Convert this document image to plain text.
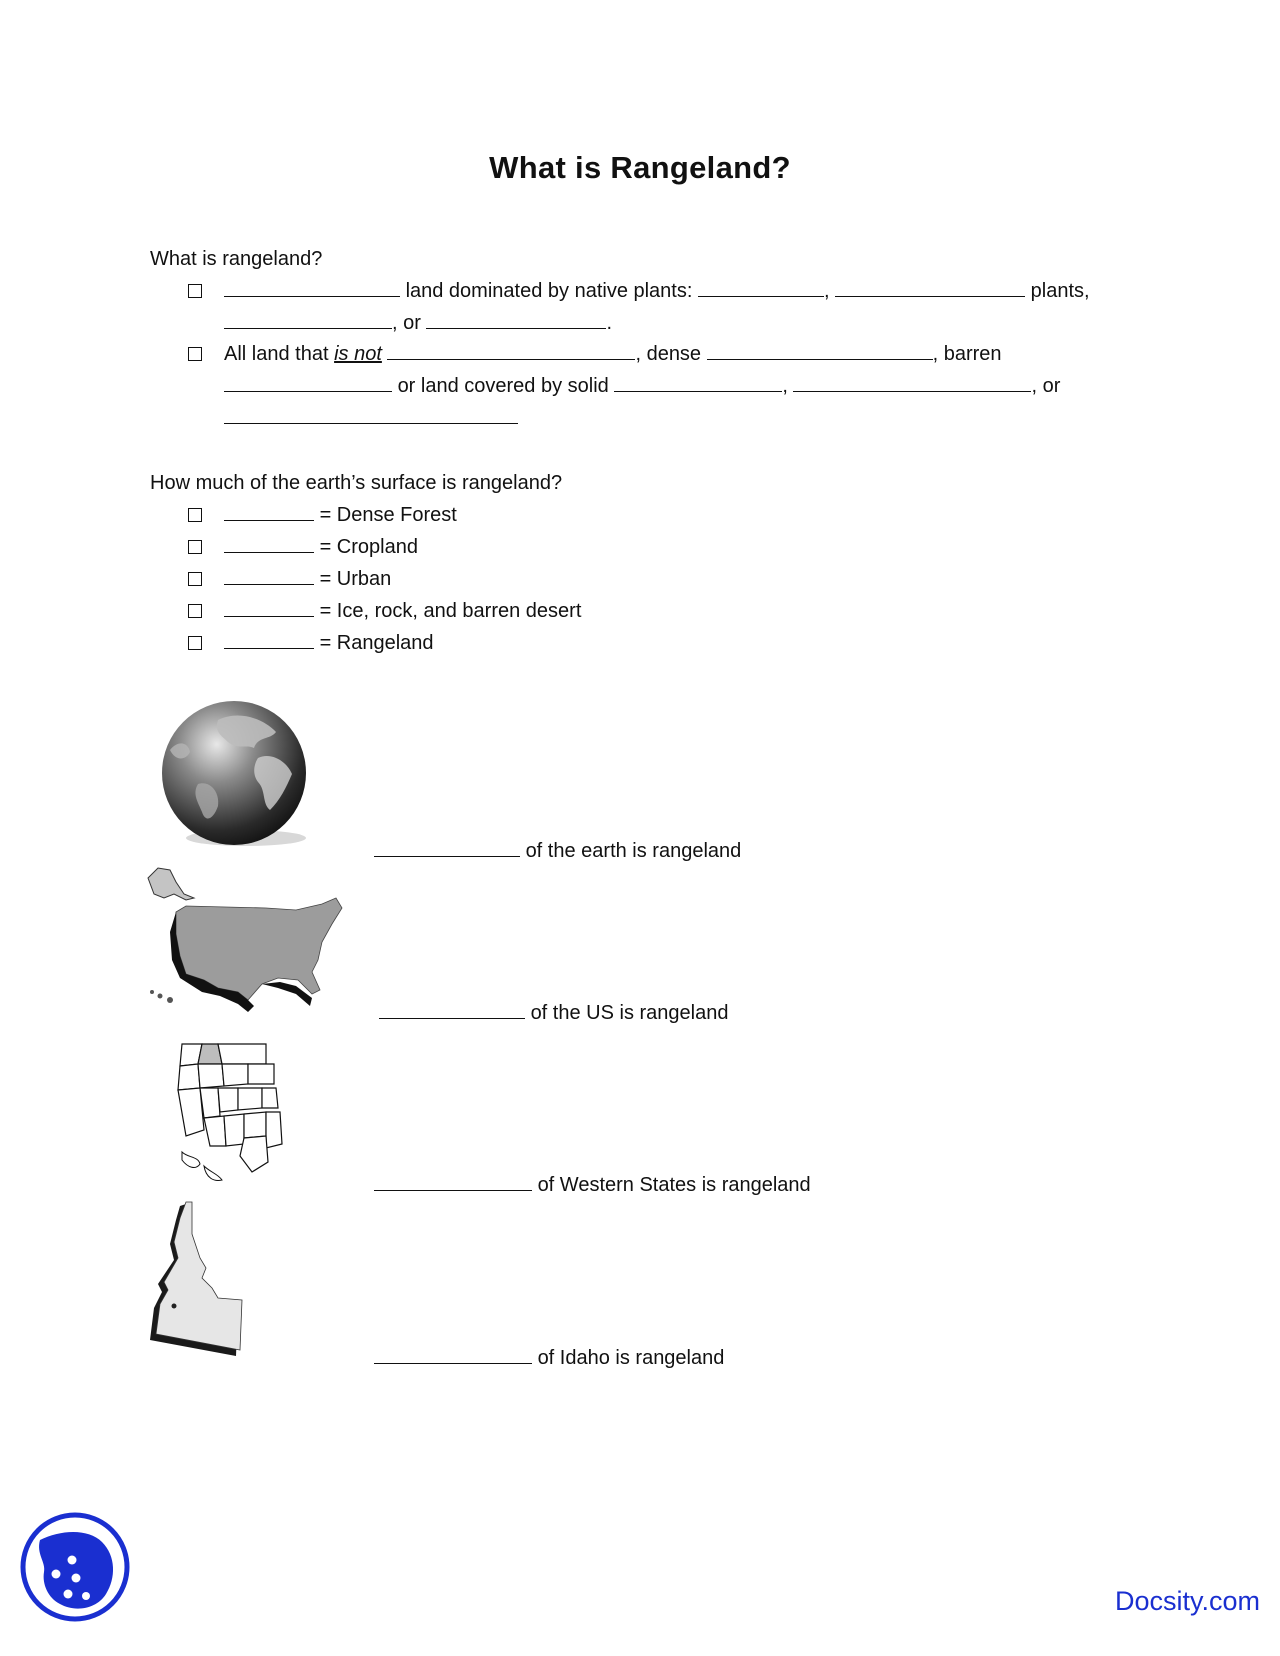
What is Rangeland?
What is rangeland?
land dominated by native plants:	,	plants,
, or	.
All land that is not	, dense	, barren
or land covered by solid	,	, or
How much of the earth’s surface is rangeland?
= Dense Forest
= Cropland
= Urban
= Ice, rock, and barren desert
= Rangeland
of the earth is rangeland
of the US is rangeland
of Western States is rangeland
of Idaho is rangeland
Docsity.com
